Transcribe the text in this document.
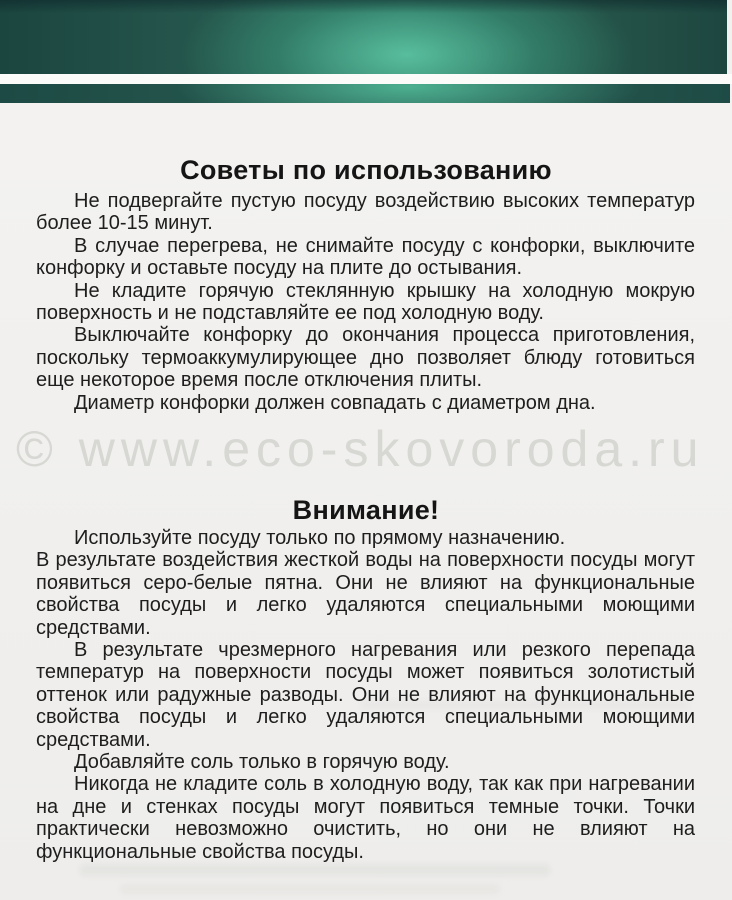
Советы по использованию

Не подвергайте пустую посуду воздействию высоких температур более 10-15 минут.

В случае перегрева, не снимайте посуду с конфорки, выключите конфорку и оставьте посуду на плите до остывания.

Не кладите горячую стеклянную крышку на холодную мокрую поверхность и не подставляйте ее под холодную воду.

Выключайте конфорку до окончания процесса приготовления, поскольку термоаккумулирующее дно позволяет блюду готовиться еще некоторое время после отключения плиты.

Диаметр конфорки должен совпадать с диаметром дна.

© www.eco-skovoroda.ru
Внимание!

Используйте посуду только по прямому назначению.

В результате воздействия жесткой воды на поверхности посуды могут появиться серо-белые пятна. Они не влияют на функциональные свойства посуды и легко удаляются специальными моющими средствами.

В результате чрезмерного нагревания или резкого перепада температур на поверхности посуды может появиться золотистый оттенок или радужные разводы. Они не влияют на функциональные свойства посуды и легко удаляются специальными моющими средствами.

Добавляйте соль только в горячую воду.

Никогда не кладите соль в холодную воду, так как при нагревании на дне и стенках посуды могут появиться темные точки. Точки практически невозможно очистить, но они не влияют на функциональные свойства посуды.
